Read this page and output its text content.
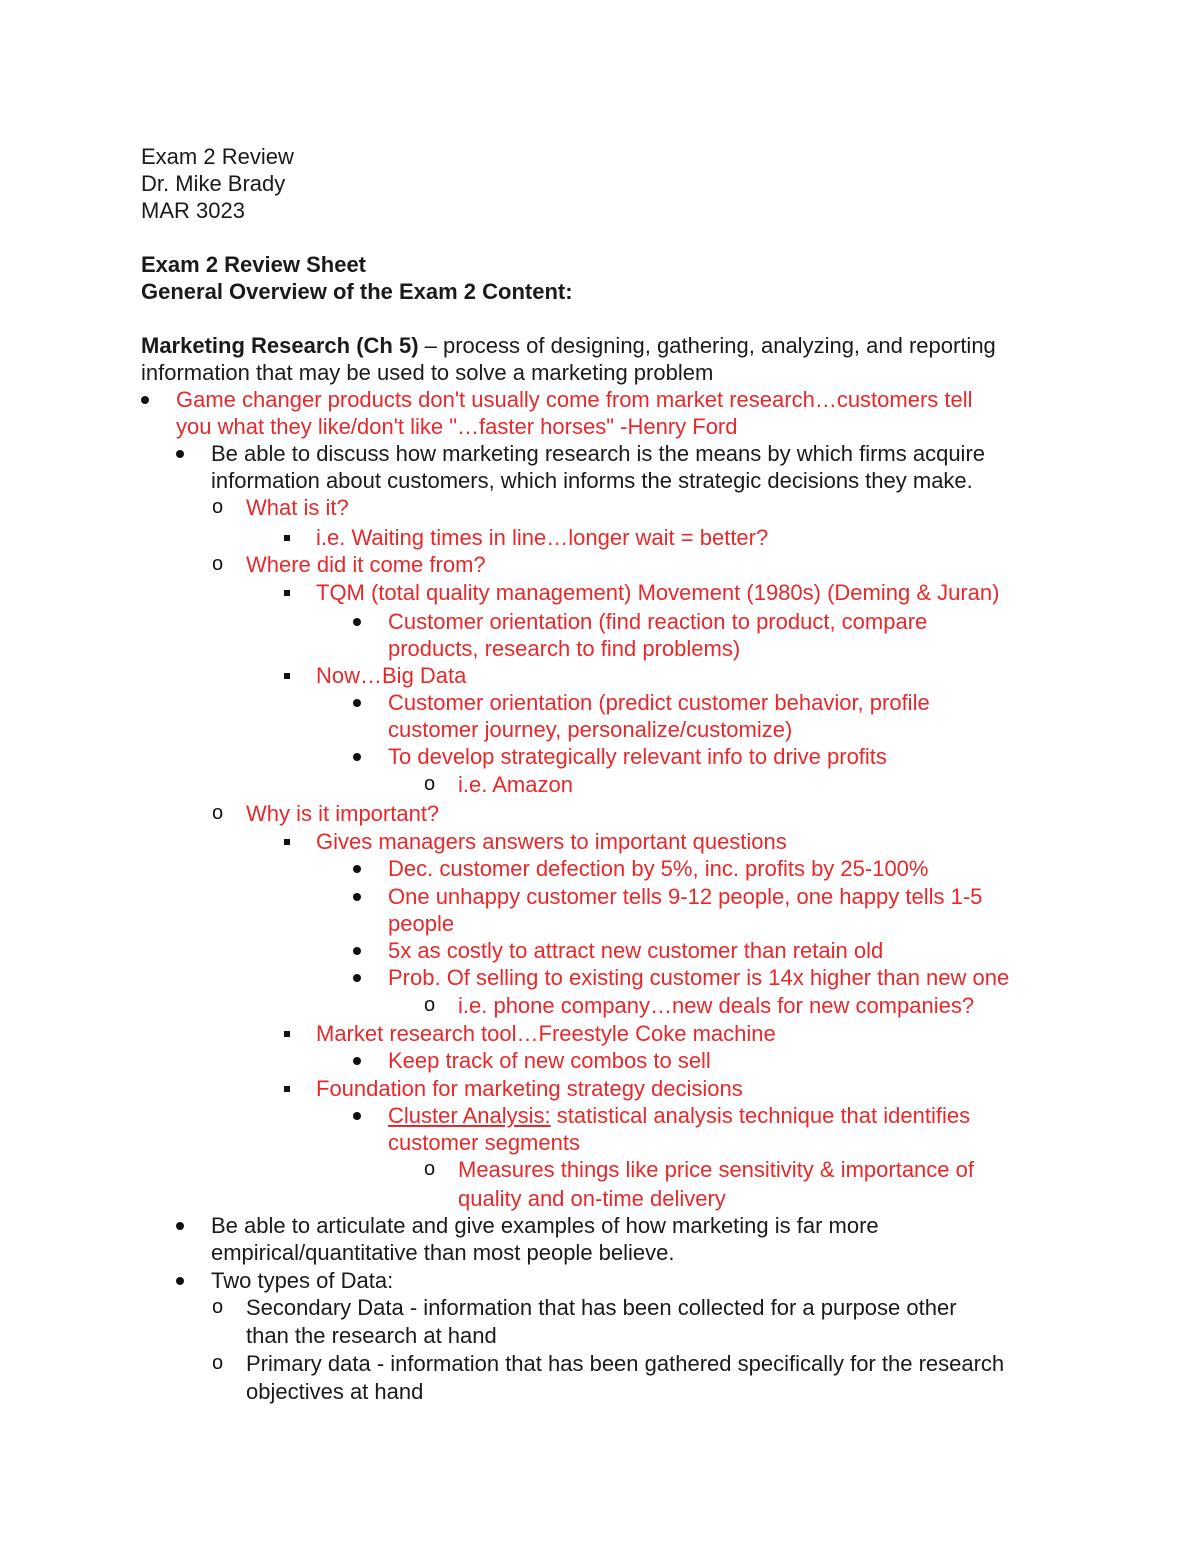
Exam 2 Review
Dr. Mike Brady
MAR 3023
Exam 2 Review Sheet
General Overview of the Exam 2 Content:
Marketing Research (Ch 5) – process of designing, gathering, analyzing, and reporting
information that may be used to solve a marketing problem
Game changer products don't usually come from market research…customers tell
you what they like/don't like "…faster horses" -Henry Ford
Be able to discuss how marketing research is the means by which firms acquire
information about customers, which informs the strategic decisions they make.
o What is it?
i.e. Waiting times in line…longer wait = better?
o Where did it come from?
TQM (total quality management) Movement (1980s) (Deming & Juran)
Customer orientation (find reaction to product, compare
products, research to find problems)
Now…Big Data
Customer orientation (predict customer behavior, profile
customer journey, personalize/customize)
To develop strategically relevant info to drive profits
o i.e. Amazon
o Why is it important?
Gives managers answers to important questions
Dec. customer defection by 5%, inc. profits by 25-100%
One unhappy customer tells 9-12 people, one happy tells 1-5
people
5x as costly to attract new customer than retain old
Prob. Of selling to existing customer is 14x higher than new one
o i.e. phone company…new deals for new companies?
Market research tool…Freestyle Coke machine
Keep track of new combos to sell
Foundation for marketing strategy decisions
Cluster Analysis: statistical analysis technique that identifies
customer segments
o Measures things like price sensitivity & importance of
quality and on-time delivery
Be able to articulate and give examples of how marketing is far more
empirical/quantitative than most people believe.
Two types of Data:
o Secondary Data - information that has been collected for a purpose other
than the research at hand
o Primary data - information that has been gathered specifically for the research
objectives at hand
